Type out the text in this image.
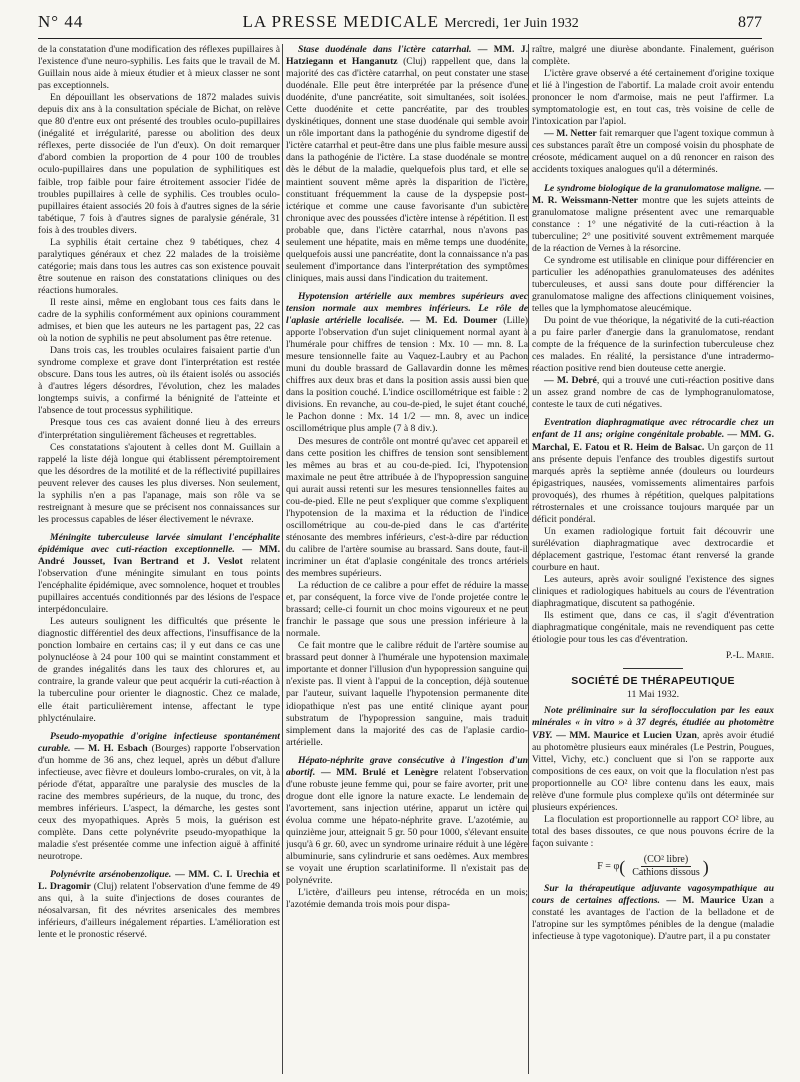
N° 44	LA PRESSE MEDICALE Mercredi, 1er Juin 1932	877

de la constatation d'une modification des réflexes pupillaires à l'existence d'une neuro-syphilis. Les faits que le travail de M. Guillain nous aide à mieux étudier et à mieux classer ne sont pas exceptionnels.

En dépouillant les observations de 1872 malades suivis depuis dix ans à la consultation spéciale de Bichat, on relève que 80 d'entre eux ont présenté des troubles oculo-pupillaires (inégalité et irrégularité, paresse ou abolition des deux réflexes, perte dissociée de l'un d'eux). On doit remarquer d'abord combien la proportion de 4 pour 100 de troubles oculo-pupillaires dans une population de syphilitiques est faible, trop faible pour faire étroitement associer l'idée de troubles pupillaires à celle de syphilis. Ces troubles oculo-pupillaires étaient associés 20 fois à d'autres signes de la série tabétique, 7 fois à d'autres signes de paralysie générale, 31 fois à des troubles divers.

La syphilis était certaine chez 9 tabétiques, chez 4 paralytiques généraux et chez 22 malades de la troisième catégorie; mais dans tous les autres cas son existence pouvait être soutenue en raison des constatations cliniques ou des réactions humorales.

Il reste ainsi, même en englobant tous ces faits dans le cadre de la syphilis conformément aux opinions couramment admises, et bien que les auteurs ne les partagent pas, 22 cas où la notion de syphilis ne peut absolument pas être retenue.

Dans trois cas, les troubles oculaires faisaient partie d'un syndrome complexe et grave dont l'interprétation est restée obscure. Dans tous les autres, où ils étaient isolés ou associés à d'autres légers désordres, l'évolution, chez les malades longtemps suivis, a confirmé la bénignité de l'atteinte et l'absence de tout processus syphilitique.

Presque tous ces cas avaient donné lieu à des erreurs d'interprétation singulièrement fâcheuses et regrettables.

Ces constatations s'ajoutent à celles dont M. Guillain a rappelé la liste déjà longue qui établissent péremptoirement que les désordres de la motilité et de la réflectivité pupillaires peuvent relever des causes les plus diverses. Non seulement, la syphilis n'en a pas l'apanage, mais son rôle va se restreignant à mesure que se précisent nos connaissances sur les processus capables de léser électivement le névraxe.

Méningite tuberculeuse larvée simulant l'encéphalite épidémique avec cuti-réaction exceptionnelle. — MM. André Jousset, Ivan Bertrand et J. Veslot relatent l'observation d'une méningite simulant en tous points l'encéphalite épidémique, avec somnolence, hoquet et troubles pupillaires accentués conditionnés par des lésions de l'espace interpédonculaire.

Les auteurs soulignent les difficultés que présente le diagnostic différentiel des deux affections, l'insuffisance de la ponction lombaire en certains cas; il y eut dans ce cas une polynucléose à 24 pour 100 qui se maintint constamment et de grandes inégalités dans les taux des chlorures et, au contraire, la grande valeur que peut acquérir la cuti-réaction à la tuberculine pour orienter le diagnostic. Chez ce malade, elle était particulièrement intense, affectant le type phlycténulaire.

Pseudo-myopathie d'origine infectieuse spontanément curable. — M. H. Esbach (Bourges) rapporte l'observation d'un homme de 36 ans, chez lequel, après un début d'allure infectieuse, avec fièvre et douleurs lombo-crurales, on vit, à la période d'état, apparaître une paralysie des muscles de la racine des membres supérieurs, de la nuque, du tronc, des membres inférieurs. L'aspect, la démarche, les gestes sont ceux des myopathiques. Après 5 mois, la guérison est complète. Dans cette polynévrite pseudo-myopathique la maladie s'est présentée comme une infection aiguë à affinité neurotrope.

Polynévrite arsénobenzolique. — MM. C. I. Urechia et L. Dragomir (Cluj) relatent l'observation d'une femme de 49 ans qui, à la suite d'injections de doses courantes de néosalvarsan, fit des névrites arsenicales des membres inférieurs, d'ailleurs inégalement réparties. L'amélioration est lente et le pronostic réservé.

Stase duodénale dans l'ictère catarrhal. — MM. J. Hatziegann et Hanganutz (Cluj) rappellent que, dans la majorité des cas d'ictère catarrhal, on peut constater une stase duodénale. Elle peut être interprétée par la présence d'une duodénite, d'une pancréatite, soit simultanées, soit isolées. Cette duodénite et cette pancréatite, par des troubles dyskinétiques, donnent une stase duodénale qui semble avoir un rôle important dans la pathogénie du syndrome digestif de l'ictère catarrhal et peut-être dans une plus faible mesure aussi dans la pathogénie de l'ictère. La stase duodénale se montre dès le début de la maladie, quelquefois plus tard, et elle se maintient souvent même après la disparition de l'ictère, constituant fréquemment la cause de la dyspepsie post-ictérique et comme une cause favorisante d'un subictère chronique avec des poussées d'ictère intense à répétition. Il est probable que, dans l'ictère catarrhal, nous n'avons pas seulement une hépatite, mais en même temps une duodénite, quelquefois aussi une pancréatite, dont la connaissance n'a pas seulement d'importance dans l'interprétation des symptômes cliniques, mais aussi dans l'indication du traitement.

Hypotension artérielle aux membres supérieurs avec tension normale aux membres inférieurs. Le rôle de l'aplasie artérielle localisée. — M. Ed. Doumer (Lille) apporte l'observation d'un sujet cliniquement normal ayant à l'humérale pour chiffres de tension : Mx. 10 — mn. 8. La mesure tensionnelle faite au Vaquez-Laubry et au Pachon muni du double brassard de Gallavardin donne les mêmes chiffres aux deux bras et dans la position assis aussi bien que dans la position couché. L'indice oscillométrique est faible : 2 divisions. En revanche, au cou-de-pied, le sujet étant couché, le Pachon donne : Mx. 14 1/2 — mn. 8, avec un indice oscillométrique plus ample (7 à 8 div.).

Des mesures de contrôle ont montré qu'avec cet appareil et dans cette position les chiffres de tension sont sensiblement les mêmes au bras et au cou-de-pied. Ici, l'hypotension maximale ne peut être attribuée à de l'hypopression sanguine qui aurait aussi retenti sur les mesures tensionnelles faites au cou-de-pied. Elle ne peut s'expliquer que comme s'expliquent l'hypotension de la maxima et la réduction de l'indice oscillométrique au cou-de-pied dans le cas d'artérite sténosante des membres inférieurs, c'est-à-dire par réduction du calibre de l'artère soumise au brassard. Sans doute, faut-il incriminer un état d'aplasie congénitale des troncs artériels des membres supérieurs.

La réduction de ce calibre a pour effet de réduire la masse et, par conséquent, la force vive de l'onde projetée contre le brassard; celle-ci fournit un choc moins vigoureux et ne peut franchir le passage que sous une pression inférieure à la normale.

Ce fait montre que le calibre réduit de l'artère soumise au brassard peut donner à l'humérale une hypotension maximale importante et donner l'illusion d'un hypopression sanguine qui n'existe pas. Il vient à l'appui de la conception, déjà soutenue par l'auteur, suivant laquelle l'hypotension permanente dite idiopathique n'est pas une entité clinique ayant pour substratum de l'hypopression sanguine, mais traduit simplement dans la majorité des cas de l'aplasie cardio-artérielle.

Hépato-néphrite grave consécutive à l'ingestion d'un abortif. — MM. Brulé et Lenègre relatent l'observation d'une robuste jeune femme qui, pour se faire avorter, prit une drogue dont elle ignore la nature exacte. Le lendemain de l'avortement, sans injection utérine, apparut un ictère qui évolua comme une hépato-néphrite grave. L'azotémie, au quinzième jour, atteignait 5 gr. 50 pour 1000, s'élevant ensuite jusqu'à 6 gr. 60, avec un syndrome urinaire réduit à une légère albuminurie, sans cylindrurie et sans oedèmes. Aux membres se voyait une éruption scarlatiniforme. Il n'existait pas de polynévrite.

L'ictère, d'ailleurs peu intense, rétrocéda en un mois; l'azotémie demanda trois mois pour dispa-

raître, malgré une diurèse abondante. Finalement, guérison complète.

L'ictère grave observé a été certainement d'origine toxique et lié à l'ingestion de l'abortif. La malade croit avoir entendu prononcer le nom d'armoise, mais ne peut l'affirmer. La symptomatologie est, en tout cas, très voisine de celle de l'intoxication par l'apiol.

— M. Netter fait remarquer que l'agent toxique commun à ces substances paraît être un composé voisin du phosphate de créosote, médicament auquel on a dû renoncer en raison des accidents toxiques analogues qu'il a déterminés.

Le syndrome biologique de la granulomatose maligne. — M. R. Weissmann-Netter montre que les sujets atteints de granulomatose maligne présentent avec une remarquable constance : 1° une négativité de la cuti-réaction à la tuberculine; 2° une positivité souvent extrêmement marquée de la réaction de Vernes à la résorcine.

Ce syndrome est utilisable en clinique pour différencier en particulier les adénopathies granulomateuses des adénites tuberculeuses, et aussi sans doute pour différencier la granulomatose maligne des affections cliniquement voisines, telles que la lymphomatose aleucémique.

Du point de vue théorique, la négativité de la cuti-réaction a pu faire parler d'anergie dans la granulomatose, rendant compte de la fréquence de la surinfection tuberculeuse chez ces malades. En réalité, la persistance d'une intradermo-réaction positive rend bien douteuse cette anergie.

— M. Debré, qui a trouvé une cuti-réaction positive dans un assez grand nombre de cas de lymphogranulomatose, conteste le taux de cuti négatives.

Eventration diaphragmatique avec rétrocardie chez un enfant de 11 ans; origine congénitale probable. — MM. G. Marchal, E. Fatou et R. Heim de Balsac. Un garçon de 11 ans présente depuis l'enfance des troubles digestifs surtout marqués après la septième année (douleurs ou lourdeurs épigastriques, nausées, vomissements alimentaires parfois provoqués), des rhumes à répétition, quelques palpitations rétrosternales et une croissance toujours marquée par un déficit pondéral.

Un examen radiologique fortuit fait découvrir une surélévation diaphragmatique avec dextrocardie et déplacement gastrique, l'estomac étant renversé la grande courbure en haut.

Les auteurs, après avoir souligné l'existence des signes cliniques et radiologiques habituels au cours de l'éventration diaphragmatique, discutent sa pathogénie.

Ils estiment que, dans ce cas, il s'agit d'éventration diaphragmatique congénitale, mais ne revendiquent pas cette étiologie pour tous les cas d'éventration.

P.-L. Marie.
SOCIÉTÉ DE THÉRAPEUTIQUE
11 Mai 1932.

Note préliminaire sur la séroflocculation par les eaux minérales « in vitro » à 37 degrés, étudiée au photomètre VBY. — MM. Maurice et Lucien Uzan, après avoir étudié au photomètre plusieurs eaux minérales (Le Pestrin, Pougues, Vittel, Vichy, etc.) concluent que si l'on se rapporte aux compositions de ces eaux, on voit que la floculation n'est pas proportionnelle au CO² libre contenu dans les eaux, mais relève d'une formule plus complexe qu'ils ont déterminée sur plusieurs expériences.

La floculation est proportionnelle au rapport CO² libre, au total des bases dissoutes, ce que nous pouvons écrire de la façon suivante :

F = φ ( $\frac{\text{(CO² libre)}}{\text{Cathions dissous}}$ )

Sur la thérapeutique adjuvante vagosympathique au cours de certaines affections. — M. Maurice Uzan a constaté les avantages de l'action de la belladone et de l'atropine sur les symptômes pénibles de la dengue (maladie infectieuse à type vagotonique). D'autre part, il a pu constater
